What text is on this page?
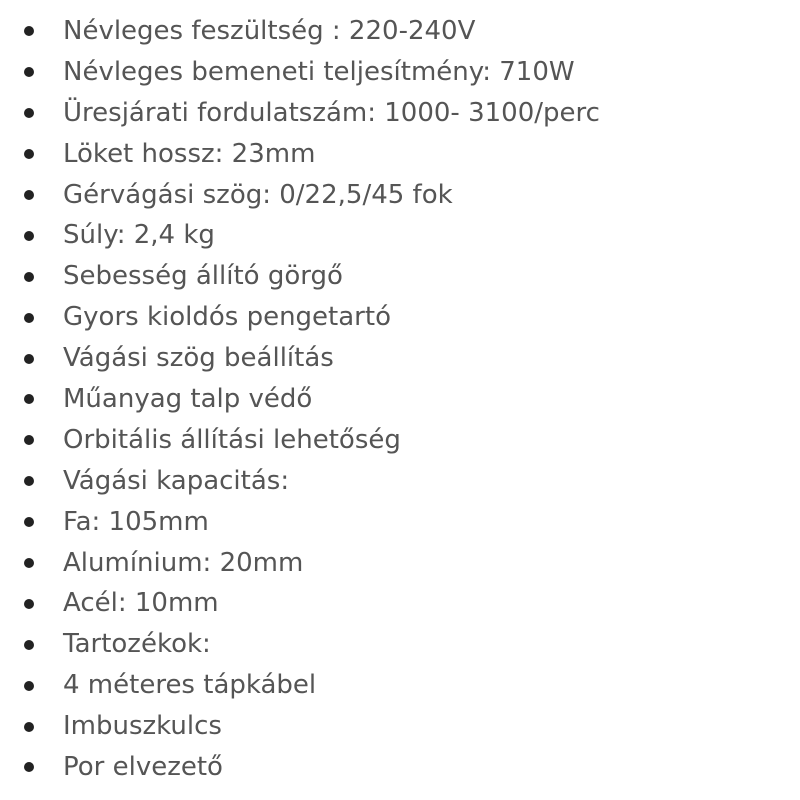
Névleges feszültség : 220-240V
Névleges bemeneti teljesítmény: 710W
Üresjárati fordulatszám: 1000- 3100/perc
Löket hossz: 23mm
Gérvágási szög: 0/22,5/45 fok
Súly: 2,4 kg
Sebesség állító görgő
Gyors kioldós pengetartó
Vágási szög beállítás
Műanyag talp védő
Orbitális állítási lehetőség
Vágási kapacitás:
Fa: 105mm
Alumínium: 20mm
Acél: 10mm
Tartozékok:
4 méteres tápkábel
Imbuszkulcs
Por elvezető
